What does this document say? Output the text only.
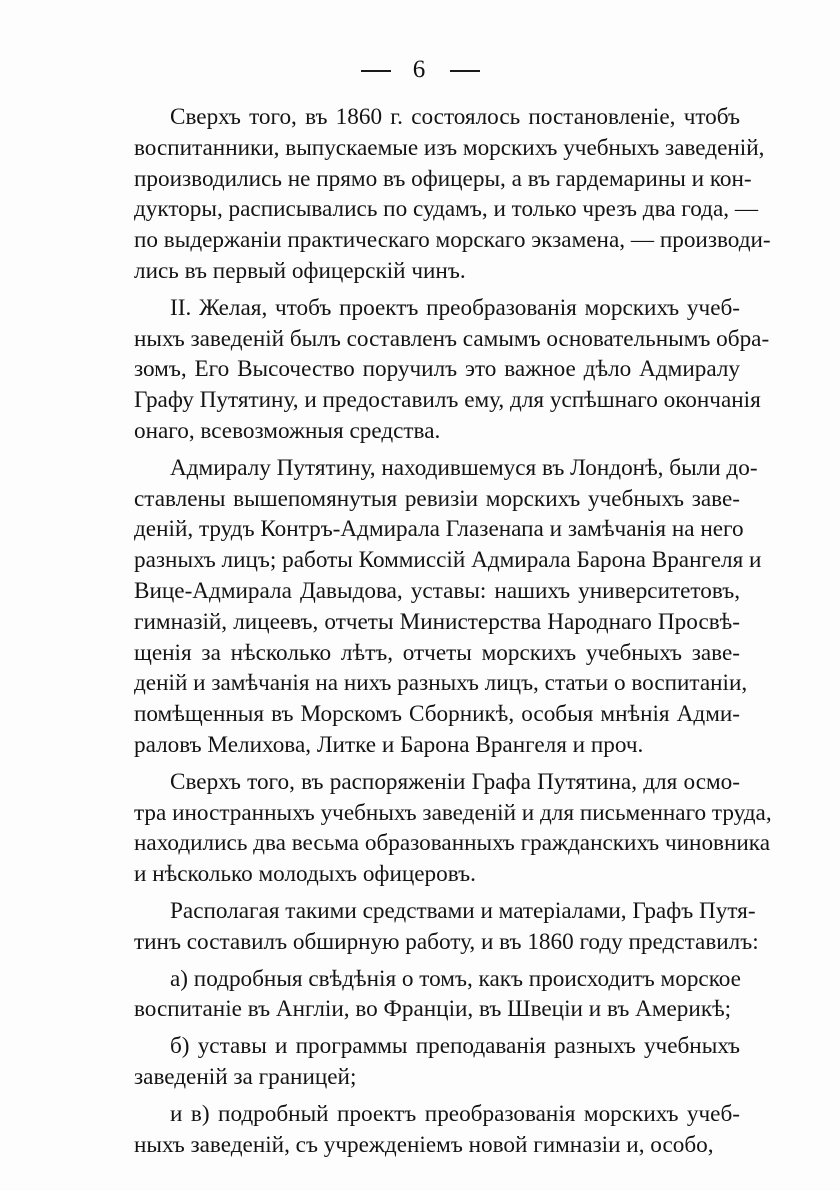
6

Сверхъ того, въ 1860 г. состоялось постановленіе, чтобъ
воспитанники, выпускаемые изъ морскихъ учебныхъ заведеній,
производились не прямо въ офицеры, а въ гардемарины и кон-
дукторы, расписывались по судамъ, и только чрезъ два года, —
по выдержаніи практическаго морскаго экзамена, — производи-
лись въ первый офицерскій чинъ.

II. Желая, чтобъ проектъ преобразованія морскихъ учеб-
ныхъ заведеній былъ составленъ самымъ основательнымъ обра-
зомъ, Его Высочество поручилъ это важное дѣло Адмиралу
Графу Путятину, и предоставилъ ему, для успѣшнаго окончанія
онаго, всевозможныя средства.

Адмиралу Путятину, находившемуся въ Лондонѣ, были до-
ставлены вышепомянутыя ревизіи морскихъ учебныхъ заве-
деній, трудъ Контръ-Адмирала Глазенапа и замѣчанія на него
разныхъ лицъ; работы Коммиссій Адмирала Барона Врангеля и
Вице-Адмирала Давыдова, уставы: нашихъ университетовъ,
гимназій, лицеевъ, отчеты Министерства Народнаго Просвѣ-
щенія за нѣсколько лѣтъ, отчеты морскихъ учебныхъ заве-
деній и замѣчанія на нихъ разныхъ лицъ, статьи о воспитаніи,
помѣщенныя въ Морскомъ Сборникѣ, особыя мнѣнія Адми-
раловъ Мелихова, Литке и Барона Врангеля и проч.

Сверхъ того, въ распоряженіи Графа Путятина, для осмо-
тра иностранныхъ учебныхъ заведеній и для письменнаго труда,
находились два весьма образованныхъ гражданскихъ чиновника
и нѣсколько молодыхъ офицеровъ.

Располагая такими средствами и матеріалами, Графъ Путя-
тинъ составилъ обширную работу, и въ 1860 году представилъ:

а) подробныя свѣдѣнія о томъ, какъ происходитъ морское
воспитаніе въ Англіи, во Франціи, въ Швеціи и въ Америкѣ;

б) уставы и программы преподаванія разныхъ учебныхъ
заведеній за границей;

и в) подробный проектъ преобразованія морскихъ учеб-
ныхъ заведеній, съ учрежденіемъ новой гимназіи и, особо,
